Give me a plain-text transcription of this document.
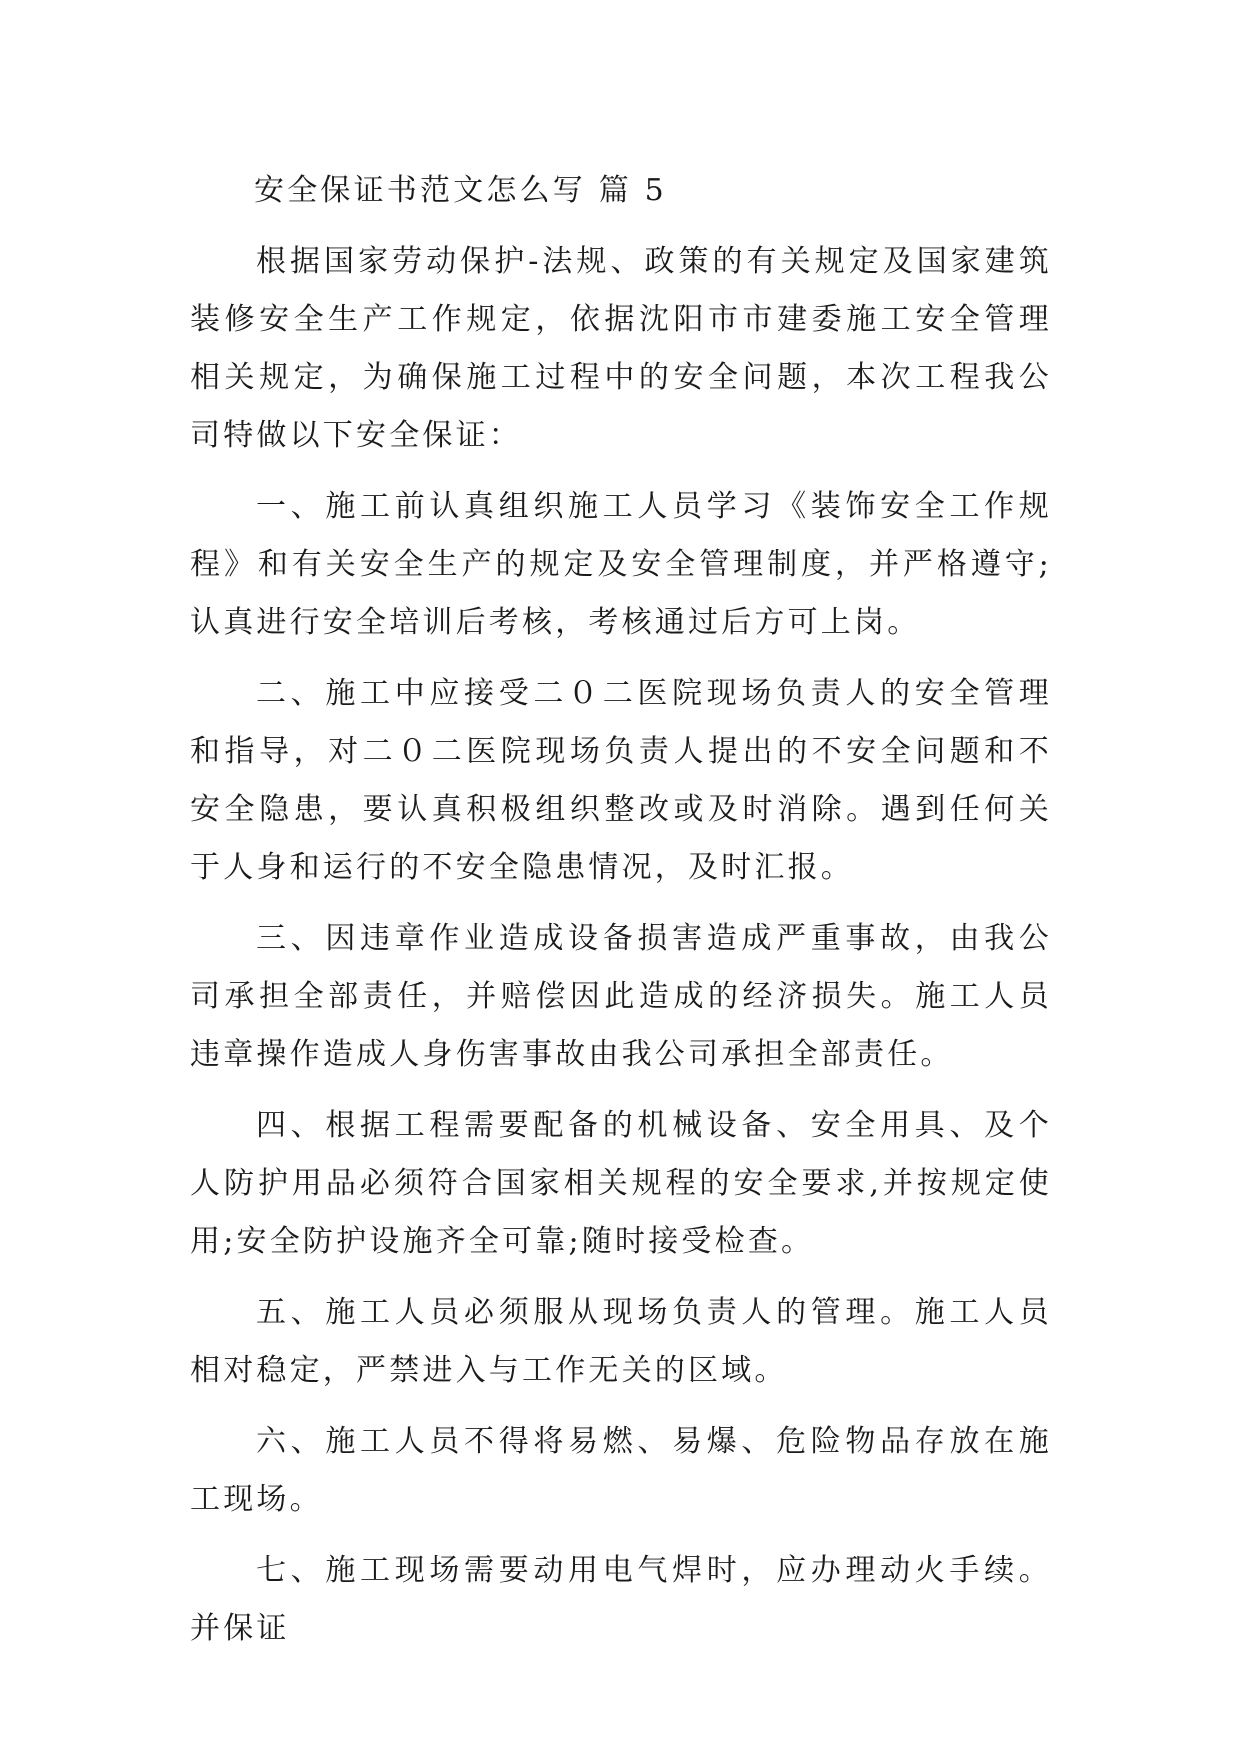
安全保证书范文怎么写 篇 5

根据国家劳动保护-法规、政策的有关规定及国家建筑装修安全生产工作规定，依据沈阳市市建委施工安全管理相关规定，为确保施工过程中的安全问题，本次工程我公司特做以下安全保证：

一、施工前认真组织施工人员学习《装饰安全工作规程》和有关安全生产的规定及安全管理制度，并严格遵守;认真进行安全培训后考核，考核通过后方可上岗。

二、施工中应接受二０二医院现场负责人的安全管理和指导，对二０二医院现场负责人提出的不安全问题和不安全隐患，要认真积极组织整改或及时消除。遇到任何关于人身和运行的不安全隐患情况，及时汇报。

三、因违章作业造成设备损害造成严重事故，由我公司承担全部责任，并赔偿因此造成的经济损失。施工人员违章操作造成人身伤害事故由我公司承担全部责任。

四、根据工程需要配备的机械设备、安全用具、及个人防护用品必须符合国家相关规程的安全要求,并按规定使用;安全防护设施齐全可靠;随时接受检查。

五、施工人员必须服从现场负责人的管理。施工人员相对稳定，严禁进入与工作无关的区域。

六、施工人员不得将易燃、易爆、危险物品存放在施工现场。

七、施工现场需要动用电气焊时，应办理动火手续。并保证
